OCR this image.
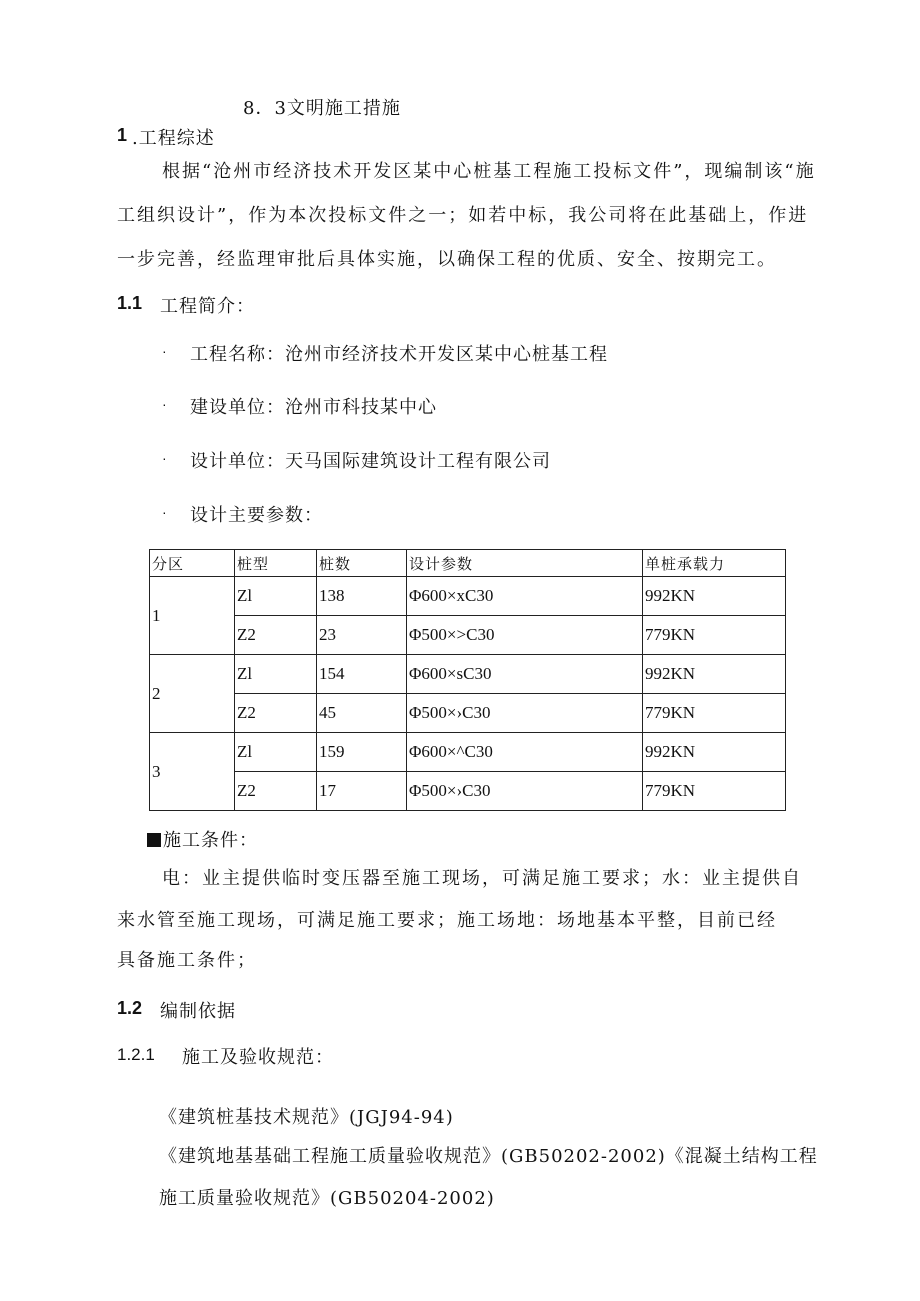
8．3文明施工措施
1 .工程综述
根据“沧州市经济技术开发区某中心桩基工程施工投标文件”，现编制该“施
工组织设计”，作为本次投标文件之一；如若中标，我公司将在此基础上，作进
一步完善，经监理审批后具体实施，以确保工程的优质、安全、按期完工。
1.1 工程简介：
· 工程名称：沧州市经济技术开发区某中心桩基工程
· 建设单位：沧州市科技某中心
· 设计单位：天马国际建筑设计工程有限公司
· 设计主要参数：
分区	桩型	桩数	设计参数	单桩承载力
1	Zl	138	Φ600×xC30	992KN
	Z2	23	Φ500×>C30	779KN
2	Zl	154	Φ600×sC30	992KN
	Z2	45	Φ500×›C30	779KN
3	Zl	159	Φ600×^C30	992KN
	Z2	17	Φ500×›C30	779KN
施工条件：
电：业主提供临时变压器至施工现场，可满足施工要求；水：业主提供自
来水管至施工现场，可满足施工要求；施工场地：场地基本平整，目前已经
具备施工条件；
1.2 编制依据
1.2.1 施工及验收规范：
《建筑桩基技术规范》(JGJ94-94)
《建筑地基基础工程施工质量验收规范》(GB50202-2002)《混凝土结构工程
施工质量验收规范》(GB50204-2002)
